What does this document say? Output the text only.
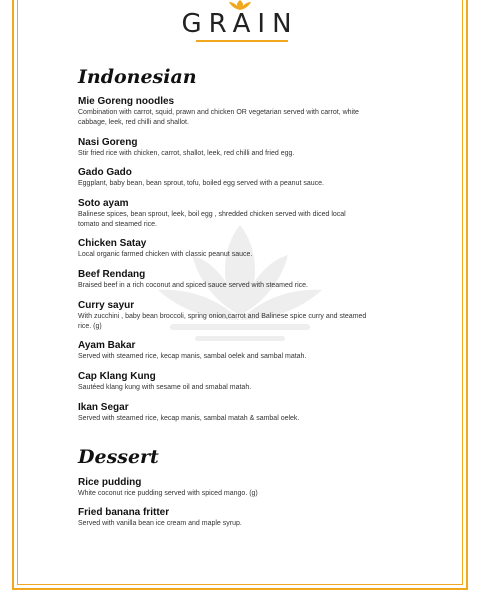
GRAIN
Indonesian
Mie Goreng noodles
Combination with carrot, squid, prawn and chicken OR vegetarian served with carrot, white cabbage, leek, red chilli and shallot.
Nasi Goreng
Stir fried rice with chicken, carrot, shallot, leek, red chilli and fried egg.
Gado Gado
Eggplant, baby bean, bean sprout, tofu, boiled egg served with a peanut sauce.
Soto ayam
Balinese spices, bean sprout, leek, boil egg , shredded chicken served with diced local tomato and steamed rice.
Chicken Satay
Local organic farmed chicken with classic peanut sauce.
Beef Rendang
Braised beef in a rich coconut and spiced sauce served with steamed rice.
Curry sayur
With zucchini , baby bean broccoli, spring onion,carrot and Balinese spice curry and steamed rice. (g)
Ayam Bakar
Served with steamed rice, kecap manis, sambal oelek and sambal matah.
Cap Klang Kung
Sautéed klang kung with sesame oil and smabal matah.
Ikan Segar
Served with steamed rice, kecap manis, sambal matah & sambal oelek.
Dessert
Rice pudding
White coconut rice pudding served with spiced mango. (g)
Fried banana fritter
Served with vanilla bean ice cream and maple syrup.
